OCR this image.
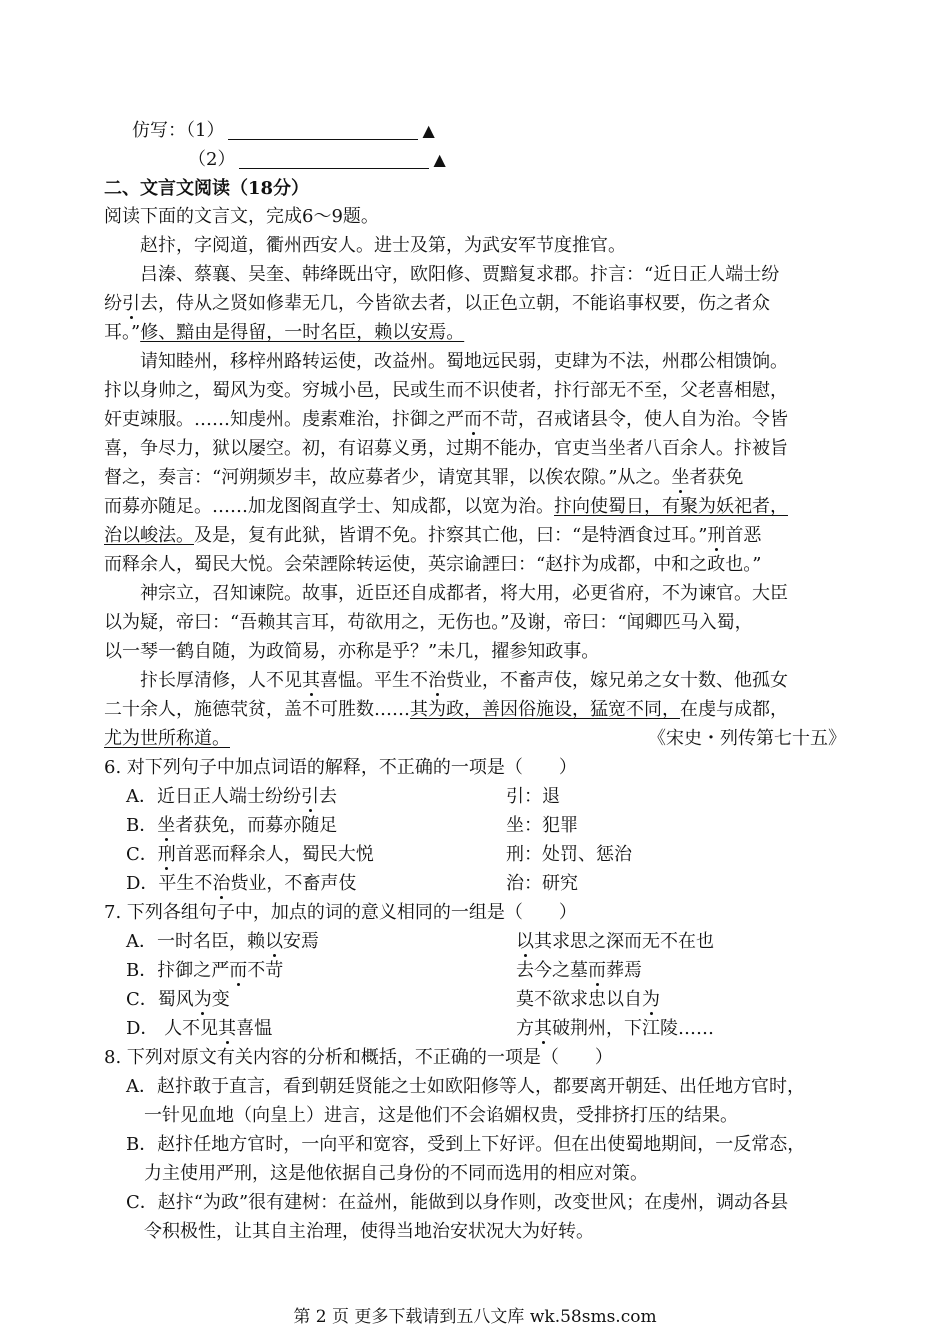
仿写：（1）	▲
（2）	▲
二、文言文阅读（18分）
阅读下面的文言文，完成6～9题。
赵抃，字阅道，衢州西安人。进士及第，为武安军节度推官。
吕溱、蔡襄、吴奎、韩绛既出守，欧阳修、贾黯复求郡。抃言：“近日正人端士纷
纷引去，侍从之贤如修辈无几，今皆欲去者，以正色立朝，不能谄事权要，伤之者众
耳。”修、黯由是得留，一时名臣，赖以安焉。
请知睦州，移梓州路转运使，改益州。蜀地远民弱，吏肆为不法，州郡公相馈饷。
抃以身帅之，蜀风为变。穷城小邑，民或生而不识使者，抃行部无不至，父老喜相慰，
奸吏竦服。……知虔州。虔素难治，抃御之严而不苛，召戒诸县令，使人自为治。令皆
喜，争尽力，狱以屡空。初，有诏募义勇，过期不能办，官吏当坐者八百余人。抃被旨
督之，奏言：“河朔频岁丰，故应募者少，请宽其罪，以俟农隙。”从之。坐者获免
而募亦随足。……加龙图阁直学士、知成都，以宽为治。抃向使蜀日，有聚为妖祀者，
治以峻法。及是，复有此狱，皆谓不免。抃察其亡他，曰：“是特酒食过耳。”刑首恶
而释余人，蜀民大悦。会荣諲除转运使，英宗谕諲曰：“赵抃为成都，中和之政也。”
神宗立，召知谏院。故事，近臣还自成都者，将大用，必更省府，不为谏官。大臣
以为疑，帝曰：“吾赖其言耳，苟欲用之，无伤也。”及谢，帝曰：“闻卿匹马入蜀，
以一琴一鹤自随，为政简易，亦称是乎？”未几，擢参知政事。
抃长厚清修，人不见其喜愠。平生不治赀业，不畜声伎，嫁兄弟之女十数、他孤女
二十余人，施德茕贫，盖不可胜数……其为政，善因俗施设，猛宽不同，在虔与成都，
尤为世所称道。	《宋史・列传第七十五》
6. 对下列句子中加点词语的解释，不正确的一项是（　　）
A．近日正人端士纷纷引去	引：退
B．坐者获免，而募亦随足	坐：犯罪
C．刑首恶而释余人，蜀民大悦	刑：处罚、惩治
D．平生不治赀业，不畜声伎	治：研究
7. 下列各组句子中，加点的词的意义相同的一组是（　　）
A．一时名臣，赖以安焉	以其求思之深而无不在也
B．抃御之严而不苛	去今之墓而葬焉
C．蜀风为变	莫不欲求忠以自为
D． 人不见其喜愠	方其破荆州，下江陵……
8. 下列对原文有关内容的分析和概括，不正确的一项是（　　）
A．赵抃敢于直言，看到朝廷贤能之士如欧阳修等人，都要离开朝廷、出任地方官时，
一针见血地（向皇上）进言，这是他们不会谄媚权贵，受排挤打压的结果。
B．赵抃任地方官时，一向平和宽容，受到上下好评。但在出使蜀地期间，一反常态，
力主使用严刑，这是他依据自己身份的不同而选用的相应对策。
C．赵抃“为政”很有建树：在益州，能做到以身作则，改变世风；在虔州，调动各县
令积极性，让其自主治理，使得当地治安状况大为好转。
第 2 页 更多下载请到五八文库 wk.58sms.com
